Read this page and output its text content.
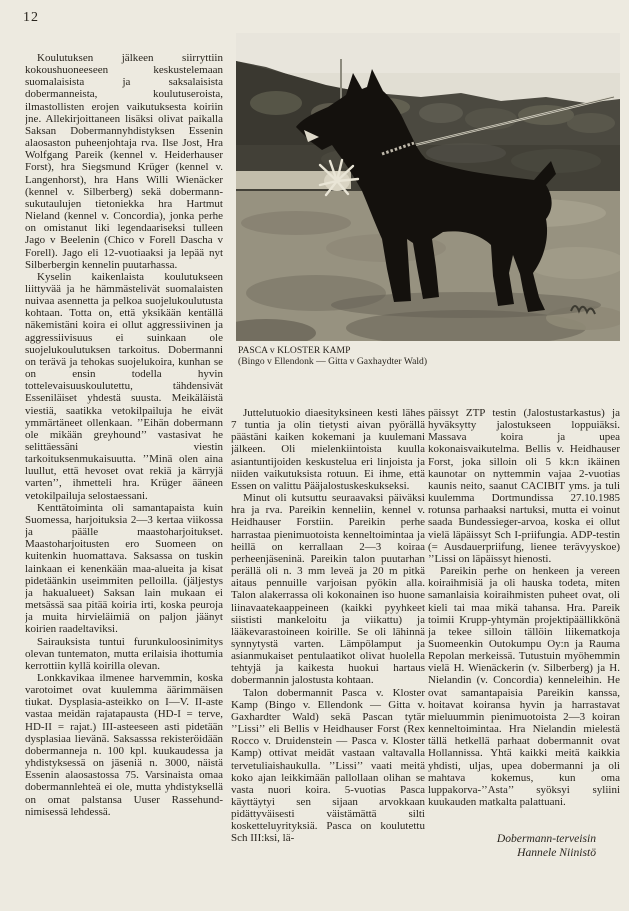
12
PASCA v KLOSTER KAMP
(Bingo v Ellendonk — Gitta v Gaxhaydter Wald)

Koulutuksen jälkeen siirryttiin kokoushuoneeseen keskustelemaan suomalaisista ja saksalaisista dobermanneista, koulutuseroista, ilmastollisten erojen vaikutuksesta koiriin jne. Allekirjoittaneen lisäksi olivat paikalla Saksan Dobermannyhdistyksen Essenin alaosaston puheenjohtaja rva. Ilse Jost, Hra Wolfgang Pareik (kennel v. Heiderhauser Forst), hra Siegsmund Krüger (kennel v. Langenhorst), hra Hans Willi Wienäcker (kennel v. Silberberg) sekä dobermann-sukutaulujen tietoniekka hra Hartmut Nieland (kennel v. Concordia), jonka perhe on omistanut liki legendaariseksi tulleen Jago v Beelenin (Chico v Forell Dascha v Forell). Jago eli 12-vuotiaaksi ja lepää nyt Silberbergin kennelin puutarhassa.

Kyselin kaikenlaista koulutukseen liittyvää ja he hämmästelivät suomalaisten nuivaa asennetta ja pelkoa suojelukoulutusta kohtaan. Totta on, että yksikään kentällä näkemistäni koira ei ollut aggressiivinen ja aggressiivisuus ei suinkaan ole suojelukoulutuksen tarkoitus. Dobermanni on terävä ja tehokas suojelukoira, kunhan se on ensin todella hyvin tottelevaisuuskoulutettu, tähdensivät Esseniläiset yhdestä suusta. Meikäläistä viestiä, saatikka vetokilpailuja he eivät ymmärtäneet ollenkaan. ’’Eihän dobermann ole mikään greyhound’’ vastasivat he selittäessäni viestin tarkoituksenmukaisuutta. ’’Minä olen aina luullut, että hevoset ovat rekiä ja kärryjä varten’’, ihmetteli hra. Krüger ääneen vetokilpailuja selostaessani.

Kenttätoiminta oli samantapaista kuin Suomessa, harjoituksia 2—3 kertaa viikossa ja päälle maastoharjoitukset. Maastoharjoitusten ero Suomeen on kuitenkin huomattava. Saksassa on tuskin lainkaan ei kenenkään maa-alueita ja kisat pidetäänkin useimmiten pelloilla. (jäljestys ja hakualueet) Saksan lain mukaan ei metsässä saa pitää koiria irti, koska peuroja ja muita hirvieläimiä on paljon jäänyt koirien raadeltaviksi.

Sairauksista tuntui furunkuloosinimitys olevan tuntematon, mutta erilaisia ihottumia kerrottiin kyllä koirilla olevan.

Lonkkavikaa ilmenee harvemmin, koska varotoimet ovat kuulemma äärimmäisen tiukat. Dysplasia-asteikko on I—V. II-aste vastaa meidän rajatapausta (HD-I = terve, HD-II = rajat.) III-asteeseen asti pidetään dysplasiaa lievänä. Saksasssa rekisteröidään dobermanneja n. 100 kpl. kuukaudessa ja yhdistyksessä on jäseniä n. 3000, näistä Essenin alaosastossa 75. Varsinaista omaa dobermannlehteä ei ole, mutta yhdistyksellä on omat palstansa Uuser Rassehund-nimisessä lehdessä.

Juttelutuokio diaesityksineen kesti lähes 7 tuntia ja olin tietysti aivan pyörällä päästäni kaiken kokemani ja kuulemani jälkeen. Oli mielenkiintoista kuulla asiantuntijoiden keskustelua eri linjoista ja niiden vaikutuksista rotuun. Ei ihme, että Essen on valittu Pääjalostuskeskukseksi.

Minut oli kutsuttu seuraavaksi päiväksi hra ja rva. Pareikin kenneliin, kennel v. Heidhauser Forstiin. Pareikin perhe harrastaa pienimuotoista kenneltoimintaa ja heillä on kerrallaan 2—3 koiraa perheenjäseninä. Pareikin talon puutarhan perällä oli n. 3 mm leveä ja 20 m pitkä aitaus pennuille varjoisan pyökin alla. Talon alakerrassa oli kokonainen iso huone liinavaatekaappeineen (kaikki pyyhkeet siististi mankeloitu ja viikattu) ja lääkevarastoineen koirille. Se oli lähinnä synnytystä varten. Lämpölamput ja asianmukaiset pentulaatikot olivat huolella tehtyjä ja kaikesta huokui hartaus dobermannin jalostusta kohtaan.

Talon dobermannit Pasca v. Kloster Kamp (Bingo v. Ellendonk — Gitta v. Gaxhardter Wald) sekä Pascan tytär ’’Lissi’’ eli Bellis v Heidhauser Forst (Rex Rocco v. Druidenstein — Pasca v. Kloster Kamp) ottivat meidät vastaan valtavalla tervetuliaishaukulla. ’’Lissi’’ vaati meitä koko ajan leikkimään pallollaan olihan se vasta nuori koira. 5-vuotias Pasca käyttäytyi sen sijaan arvokkaan pidättyväisesti väistämättä silti kosketteluyrityksiä. Pasca on koulutettu Sch III:ksi, lä-

päissyt ZTP testin (Jalostustarkastus) ja hyväksytty jalostukseen loppuiäksi. Massava koira ja upea kokonaisvaikutelma. Bellis v. Heidhauser Forst, joka silloin oli 5 kk:n ikäinen kaunotar on nyttemmin vajaa 2-vuotias kaunis neito, saanut CACIBIT yms. ja tuli kuulemma Dortmundissa 27.10.1985 rotunsa parhaaksi nartuksi, mutta ei voinut saada Bundessieger-arvoa, koska ei ollut vielä läpäissyt Sch I-priifungia. ADP-testin (= Ausdauerpriifung, lienee terävyyskoe) ’’Lissi on läpäissyt hienosti.

Pareikin perhe on henkeen ja vereen koiraihmisiä ja oli hauska todeta, miten samanlaisia koiraihmisten puheet ovat, oli kieli tai maa mikä tahansa. Hra. Pareik toimii Krupp-yhtymän projektipäällikkönä ja tekee silloin tällöin liikematkoja Suomeenkin Outokumpu Oy:n ja Rauma Repolan merkeissä. Tutustuin myöhemmin vielä H. Wienäckerin (v. Silberberg) ja H. Nielandin (v. Concordia) kenneleihin. He ovat samantapaisia Pareikin kanssa, hoitavat koiransa hyvin ja harrastavat mieluummin pienimuotoista 2—3 koiran kenneltoimintaa. Hra Nielandin mielestä tällä hetkellä parhaat dobermannit ovat Hollannissa. Yhtä kaikki meitä kaikkia yhdisti, uljas, upea dobermanni ja oli mahtava kokemus, kun oma luppakorva-’’Asta’’ syöksyi syliini kuukauden matkalta palattuani.

Dobermann-terveisin
Hannele Niinistö
